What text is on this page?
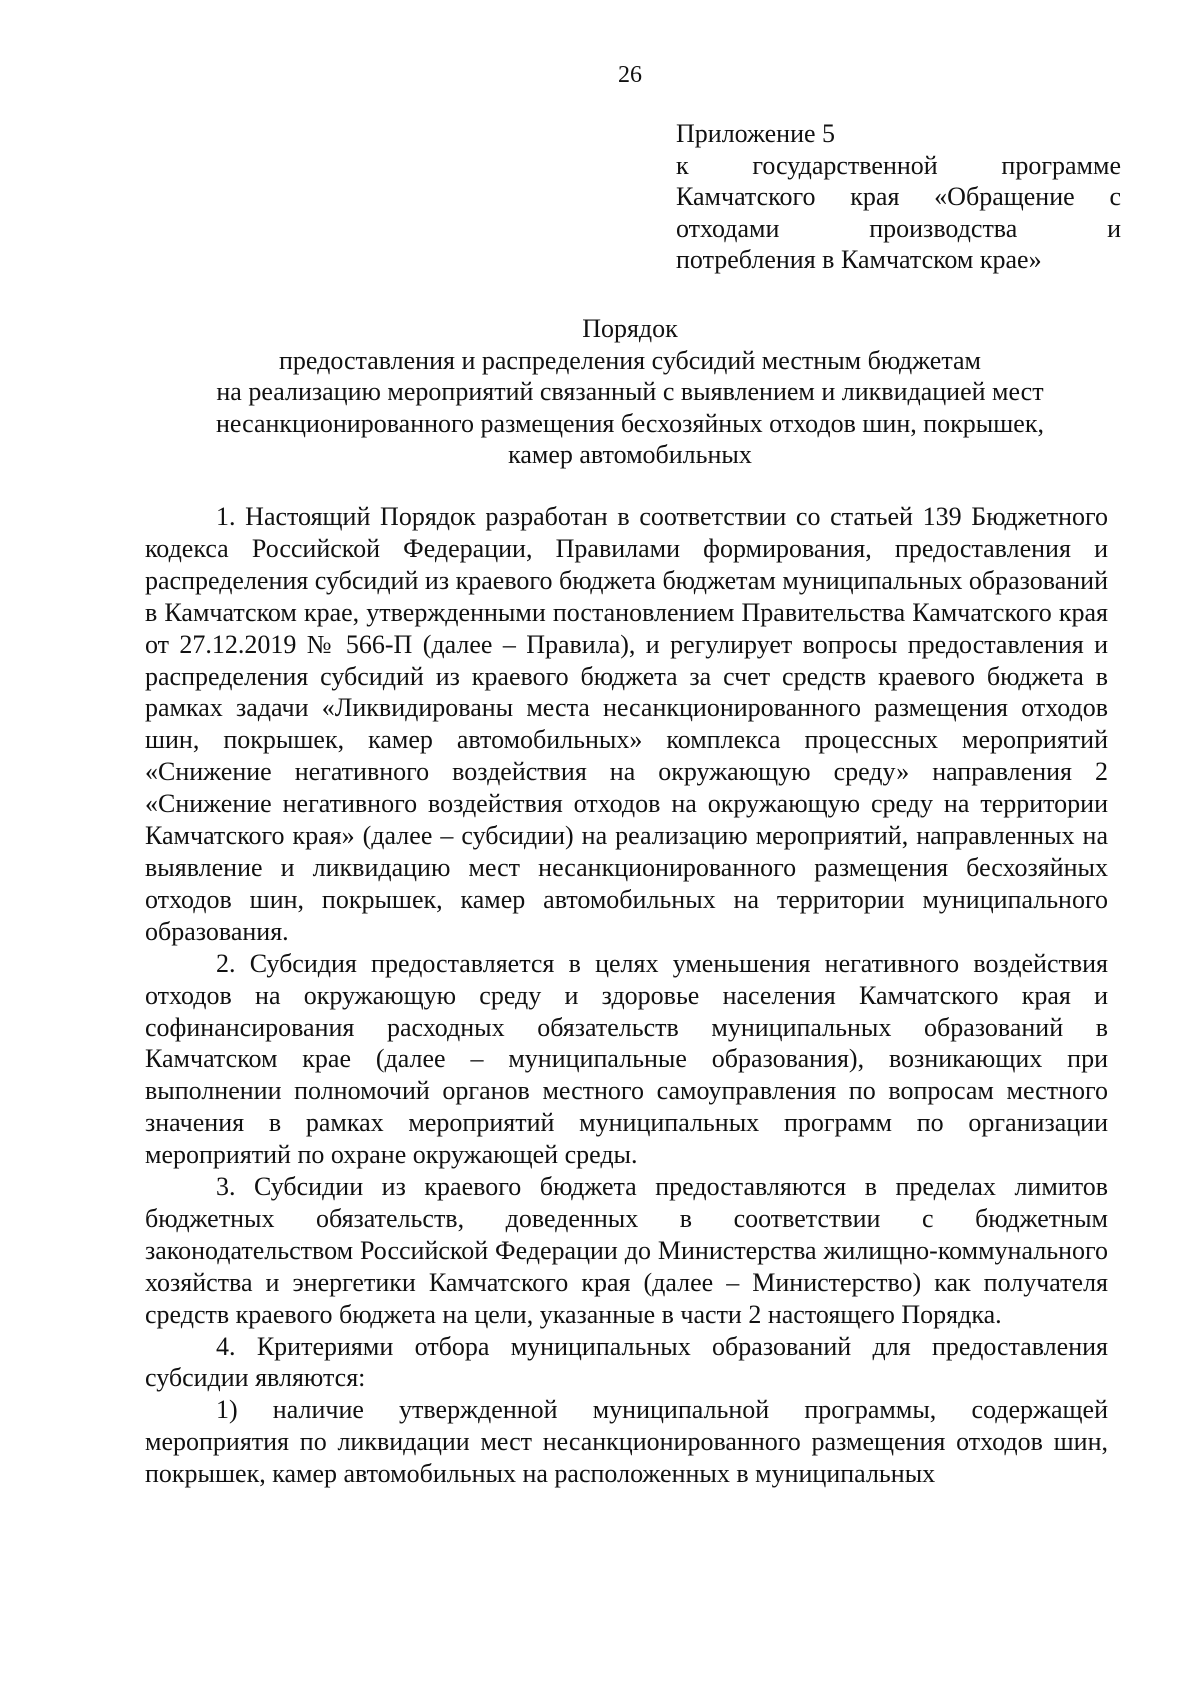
26
Приложение 5
к государственной программе
Камчатского края «Обращение с
отходами производства и
потребления в Камчатском крае»
Порядок
предоставления и распределения субсидий местным бюджетам
на реализацию мероприятий связанный с выявлением и ликвидацией мест
несанкционированного размещения бесхозяйных отходов шин, покрышек,
камер автомобильных

1. Настоящий Порядок разработан в соответствии со статьей 139 Бюджетного кодекса Российской Федерации, Правилами формирования, предоставления и распределения субсидий из краевого бюджета бюджетам муниципальных образований в Камчатском крае, утвержденными постановлением Правительства Камчатского края от 27.12.2019 № 566-П (далее – Правила), и регулирует вопросы предоставления и распределения субсидий из краевого бюджета за счет средств краевого бюджета в рамках задачи «Ликвидированы места несанкционированного размещения отходов шин, покрышек, камер автомобильных» комплекса процессных мероприятий «Снижение негативного воздействия на окружающую среду» направления 2 «Снижение негативного воздействия отходов на окружающую среду на территории Камчатского края» (далее – субсидии) на реализацию мероприятий, направленных на выявление и ликвидацию мест несанкционированного размещения бесхозяйных отходов шин, покрышек, камер автомобильных на территории муниципального образования.

2. Субсидия предоставляется в целях уменьшения негативного воздействия отходов на окружающую среду и здоровье населения Камчатского края и софинансирования расходных обязательств муниципальных образований в Камчатском крае (далее – муниципальные образования), возникающих при выполнении полномочий органов местного самоуправления по вопросам местного значения в рамках мероприятий муниципальных программ по организации мероприятий по охране окружающей среды.

3. Субсидии из краевого бюджета предоставляются в пределах лимитов бюджетных обязательств, доведенных в соответствии с бюджетным законодательством Российской Федерации до Министерства жилищно-коммунального хозяйства и энергетики Камчатского края (далее – Министерство) как получателя средств краевого бюджета на цели, указанные в части 2 настоящего Порядка.

4. Критериями отбора муниципальных образований для предоставления субсидии являются:

1) наличие утвержденной муниципальной программы, содержащей мероприятия по ликвидации мест несанкционированного размещения отходов шин, покрышек, камер автомобильных на расположенных в муниципальных
